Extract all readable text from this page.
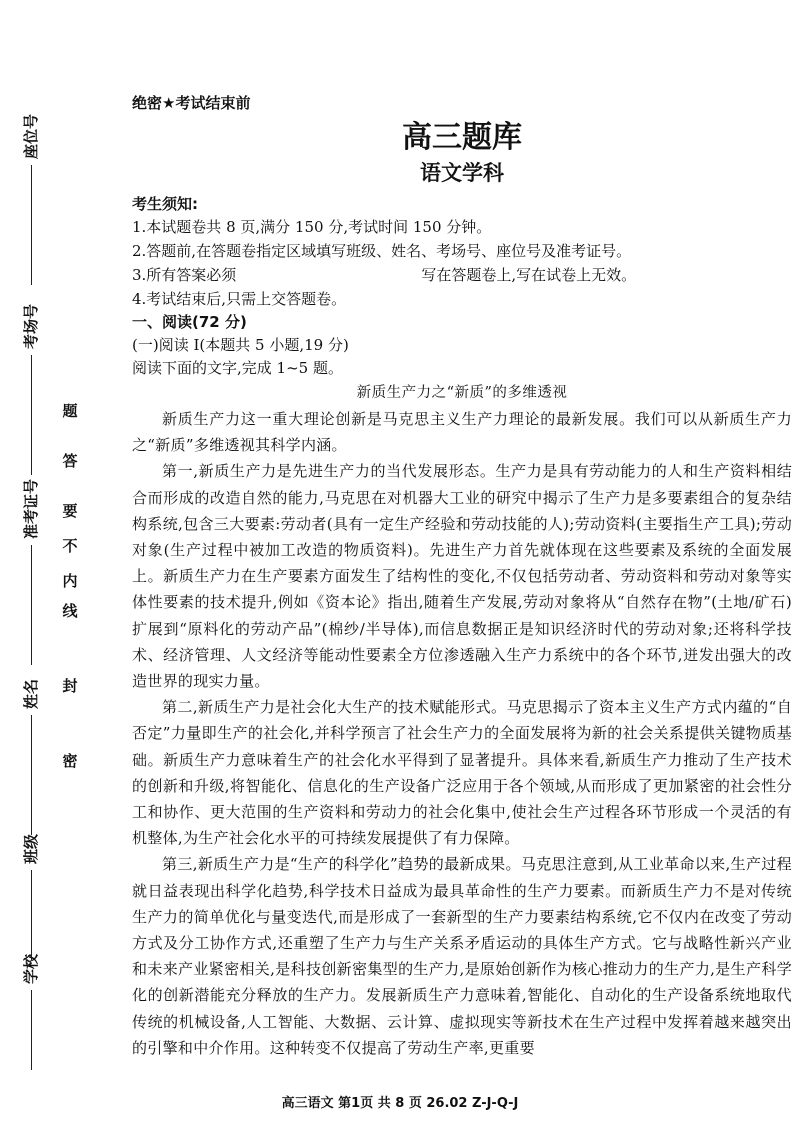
座位号
考场号
准考证号
姓名
班级
学校
密
封
线
内
不
要
答
题

绝密★考试结束前

高三题库
语文学科

考生须知:

1.本试题卷共 8 页,满分 150 分,考试时间 150 分钟。

2.答题前,在答题卷指定区域填写班级、姓名、考场号、座位号及准考证号。

3.所有答案必须	写在答题卷上,写在试卷上无效。

4.考试结束后,只需上交答题卷。

一、阅读(72 分)

(一)阅读 I(本题共 5 小题,19 分)

阅读下面的文字,完成 1~5 题。

新质生产力之“新质”的多维透视

新质生产力这一重大理论创新是马克思主义生产力理论的最新发展。我们可以从新质生产力之“新质”多维透视其科学内涵。

第一,新质生产力是先进生产力的当代发展形态。生产力是具有劳动能力的人和生产资料相结合而形成的改造自然的能力,马克思在对机器大工业的研究中揭示了生产力是多要素组合的复杂结构系统,包含三大要素:劳动者(具有一定生产经验和劳动技能的人);劳动资料(主要指生产工具);劳动对象(生产过程中被加工改造的物质资料)。先进生产力首先就体现在这些要素及系统的全面发展上。新质生产力在生产要素方面发生了结构性的变化,不仅包括劳动者、劳动资料和劳动对象等实体性要素的技术提升,例如《资本论》指出,随着生产发展,劳动对象将从“自然存在物”(土地/矿石)扩展到“原料化的劳动产品”(棉纱/半导体),而信息数据正是知识经济时代的劳动对象;还将科学技术、经济管理、人文经济等能动性要素全方位渗透融入生产力系统中的各个环节,迸发出强大的改造世界的现实力量。

第二,新质生产力是社会化大生产的技术赋能形式。马克思揭示了资本主义生产方式内蕴的“自否定”力量即生产的社会化,并科学预言了社会生产力的全面发展将为新的社会关系提供关键物质基础。新质生产力意味着生产的社会化水平得到了显著提升。具体来看,新质生产力推动了生产技术的创新和升级,将智能化、信息化的生产设备广泛应用于各个领域,从而形成了更加紧密的社会性分工和协作、更大范围的生产资料和劳动力的社会化集中,使社会生产过程各环节形成一个灵活的有机整体,为生产社会化水平的可持续发展提供了有力保障。

第三,新质生产力是“生产的科学化”趋势的最新成果。马克思注意到,从工业革命以来,生产过程就日益表现出科学化趋势,科学技术日益成为最具革命性的生产力要素。而新质生产力不是对传统生产力的简单优化与量变迭代,而是形成了一套新型的生产力要素结构系统,它不仅内在改变了劳动方式及分工协作方式,还重塑了生产力与生产关系矛盾运动的具体生产方式。它与战略性新兴产业和未来产业紧密相关,是科技创新密集型的生产力,是原始创新作为核心推动力的生产力,是生产科学化的创新潜能充分释放的生产力。发展新质生产力意味着,智能化、自动化的生产设备系统地取代传统的机械设备,人工智能、大数据、云计算、虚拟现实等新技术在生产过程中发挥着越来越突出的引擎和中介作用。这种转变不仅提高了劳动生产率,更重要

高三语文 第1页 共 8 页 26.02 Z-J-Q-J
